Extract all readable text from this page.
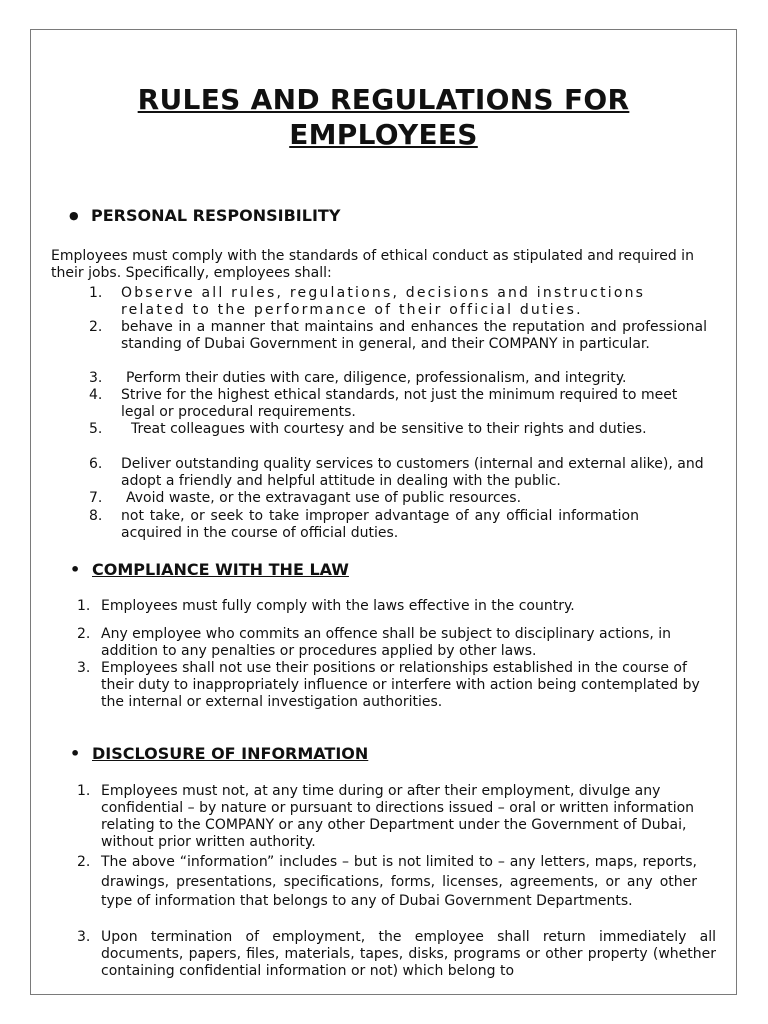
RULES AND REGULATIONS FOR
EMPLOYEES
● PERSONAL RESPONSIBILITY
Employees must comply with the standards of ethical conduct as stipulated and required in their jobs. Specifically, employees shall:
1. Observe all rules, regulations, decisions and instructions related to the performance of their official duties.
2. behave in a manner that maintains and enhances the reputation and professional standing of Dubai Government in general, and their COMPANY in particular.
3. Perform their duties with care, diligence, professionalism, and integrity.
4. Strive for the highest ethical standards, not just the minimum required to meet legal or procedural requirements.
5.	Treat colleagues with courtesy and be sensitive to their rights and duties.
6. Deliver outstanding quality services to customers (internal and external alike), and adopt a friendly and helpful attitude in dealing with the public.
7. Avoid waste, or the extravagant use of public resources.
8. not take, or seek to take improper advantage of any official information acquired in the course of official duties.
• COMPLIANCE WITH THE LAW
1. Employees must fully comply with the laws effective in the country.
2. Any employee who commits an offence shall be subject to disciplinary actions, in addition to any penalties or procedures applied by other laws.
3. Employees shall not use their positions or relationships established in the course of their duty to inappropriately influence or interfere with action being contemplated by the internal or external investigation authorities.
• DISCLOSURE OF INFORMATION
1. Employees must not, at any time during or after their employment, divulge any confidential – by nature or pursuant to directions issued – oral or written information relating to the COMPANY or any other Department under the Government of Dubai, without prior written authority.
2. The above “information” includes – but is not limited to – any letters, maps, reports, drawings, presentations, specifications, forms, licenses, agreements, or any other type of information that belongs to any of Dubai Government Departments.
3. Upon termination of employment, the employee shall return immediately all documents, papers, files, materials, tapes, disks, programs or other property (whether containing confidential information or not) which belong to
